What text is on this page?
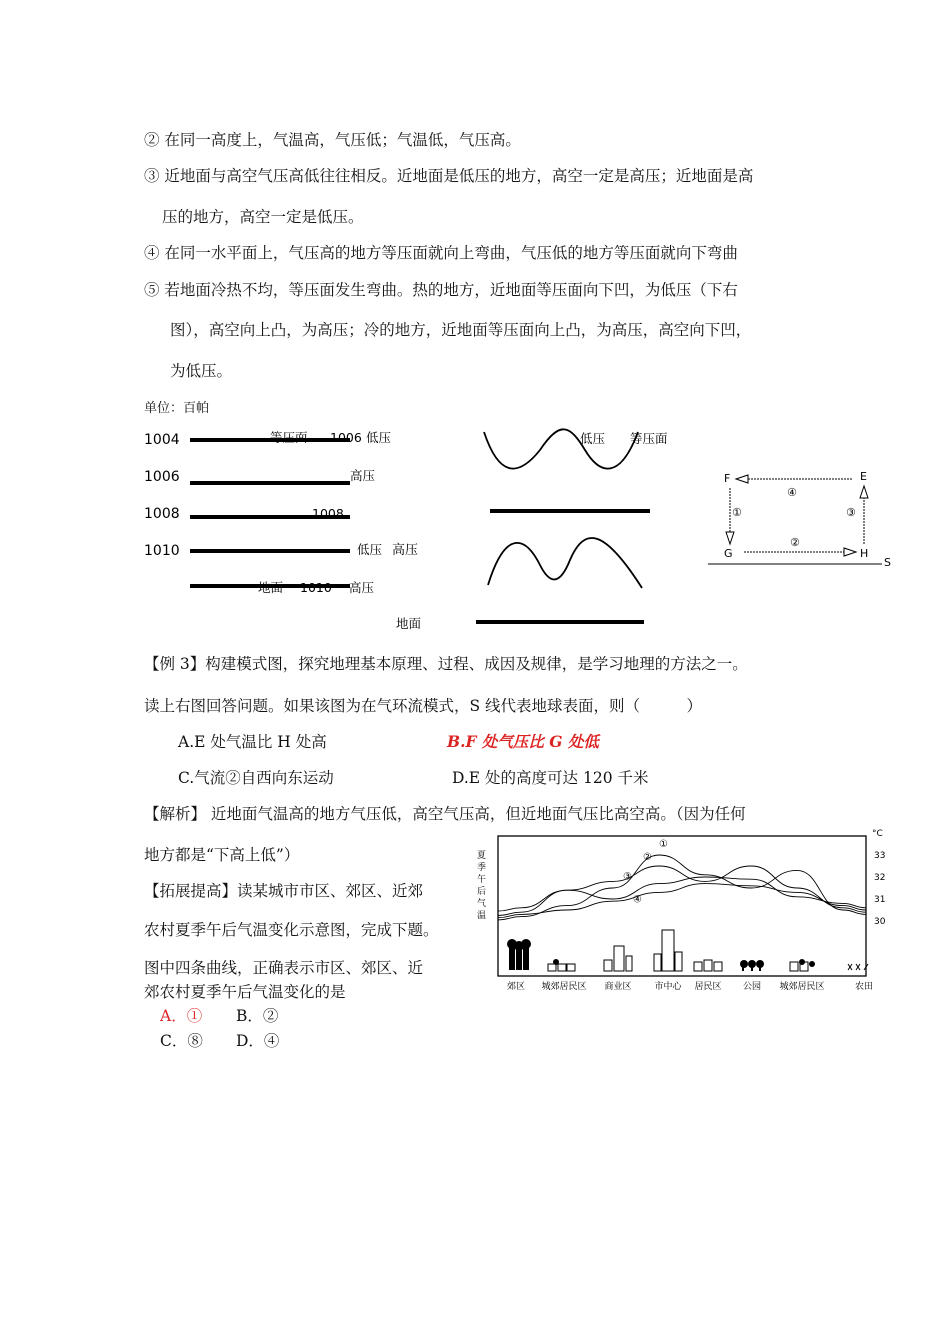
② 在同一高度上，气温高，气压低；气温低，气压高。
③ 近地面与高空气压高低往往相反。近地面是低压的地方，高空一定是高压；近地面是高
压的地方，高空一定是低压。
④ 在同一水平面上，气压高的地方等压面就向上弯曲，气压低的地方等压面就向下弯曲
⑤ 若地面冷热不均，等压面发生弯曲。热的地方，近地面等压面向下凹，为低压（下右
图），高空向上凸，为高压；冷的地方，近地面等压面向上凸，为高压，高空向下凹，
为低压。
单位：百帕
1004
1006
1008
1010
等压面 1006 低压
高压
1008
低压 高压
地面 1010 高压
低压 等压面
地面
F	E
G	H
S
④
①	③
②
【例 3】构建模式图，探究地理基本原理、过程、成因及规律，是学习地理的方法之一。
读上右图回答问题。如果该图为在气环流模式，S 线代表地球表面，则（　　　）
A.E 处气温比 H 处高	B.F 处气压比 G 处低
C.气流②自西向东运动	D.E 处的高度可达 120 千米
【解析】 近地面气温高的地方气压低，高空气压高，但近地面气压比高空高。（因为任何
地方都是“下高上低”）
【拓展提高】读某城市市区、郊区、近郊
农村夏季午后气温变化示意图，完成下题。
图中四条曲线，正确表示市区、郊区、近
郊农村夏季午后气温变化的是
A．① B．②
C．⑧ D．④
夏季午后气温
°C
33
32
31
30
①
②
③
④
郊区 城郊居民区 商业区	市中心 居民区 公园 城郊居民区	农田
